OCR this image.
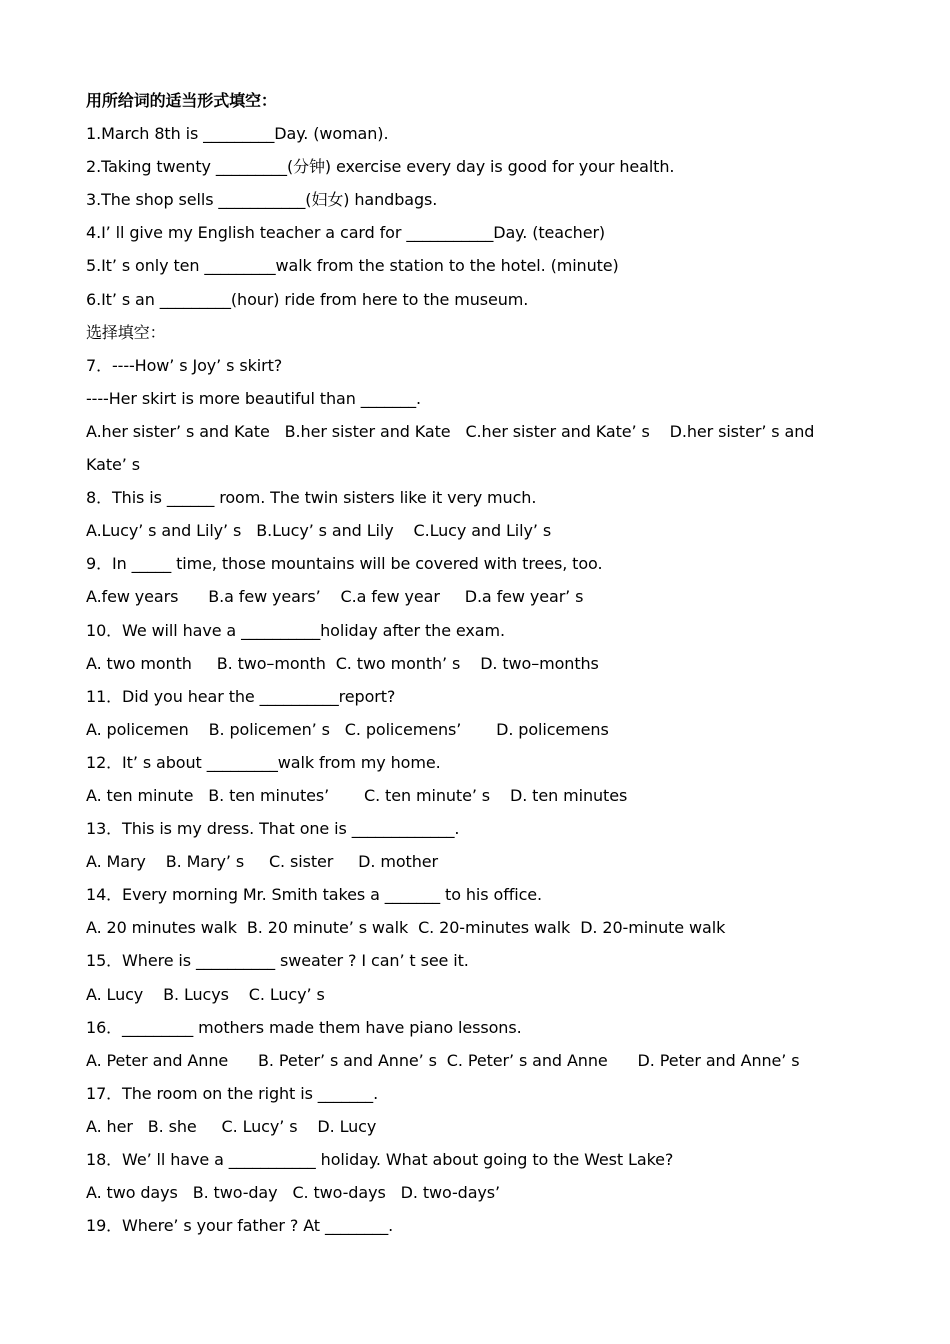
用所给词的适当形式填空：
1.March 8th is _________Day. (woman).
2.Taking twenty _________(分钟) exercise every day is good for your health.
3.The shop sells ___________(妇女) handbags.
4.I’ ll give my English teacher a card for ___________Day. (teacher)
5.It’ s only ten _________walk from the station to the hotel. (minute)
6.It’ s an _________(hour) ride from here to the museum.
选择填空：
7．----How’ s Joy’ s skirt?
----Her skirt is more beautiful than _______.
A.her sister’ s and Kate   B.her sister and Kate   C.her sister and Kate’ s    D.her sister’ s and
Kate’ s
8．This is ______ room. The twin sisters like it very much.
A.Lucy’ s and Lily’ s   B.Lucy’ s and Lily    C.Lucy and Lily’ s
9．In _____ time, those mountains will be covered with trees, too.
A.few years      B.a few years’    C.a few year     D.a few year’ s
10．We will have a __________holiday after the exam.
A. two month     B. two–month  C. two month’ s    D. two–months
11．Did you hear the __________report?
A. policemen    B. policemen’ s   C. policemens’       D. policemens
12．It’ s about _________walk from my home.
A. ten minute   B. ten minutes’       C. ten minute’ s    D. ten minutes
13．This is my dress. That one is _____________.
A. Mary    B. Mary’ s     C. sister     D. mother
14．Every morning Mr. Smith takes a _______ to his office.
A. 20 minutes walk  B. 20 minute’ s walk  C. 20-minutes walk  D. 20-minute walk
15．Where is __________ sweater ? I can’ t see it.
A. Lucy    B. Lucys    C. Lucy’ s
16．_________ mothers made them have piano lessons.
A. Peter and Anne      B. Peter’ s and Anne’ s  C. Peter’ s and Anne      D. Peter and Anne’ s
17．The room on the right is _______.
A. her   B. she     C. Lucy’ s    D. Lucy
18．We’ ll have a ___________ holiday. What about going to the West Lake?
A. two days   B. two-day   C. two-days   D. two-days’
19．Where’ s your father ? At ________.
